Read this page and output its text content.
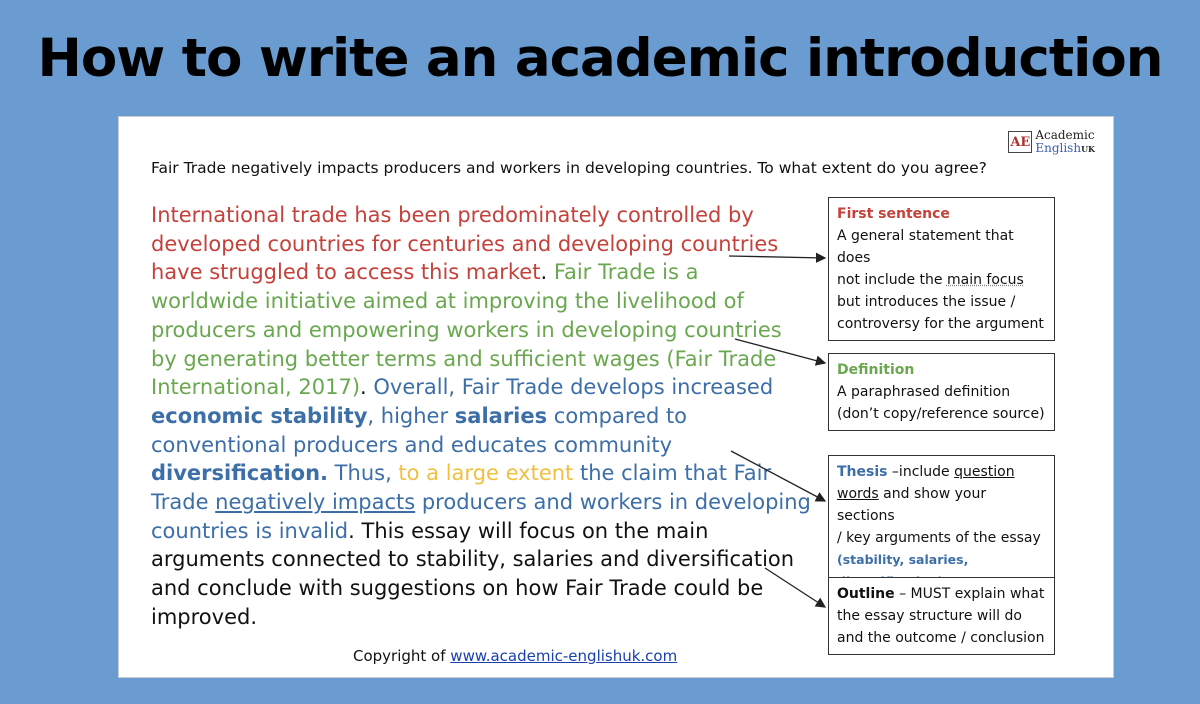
How to write an academic introduction
AE Academic
EnglishUK
Fair Trade negatively impacts producers and workers in developing countries. To what extent do you agree?
International trade has been predominately controlled by developed countries for centuries and developing countries have struggled to access this market. Fair Trade is a worldwide initiative aimed at improving the livelihood of producers and empowering workers in developing countries by generating better terms and sufficient wages (Fair Trade International, 2017). Overall, Fair Trade develops increased economic stability, higher salaries compared to conventional producers and educates community diversification. Thus, to a large extent the claim that Fair Trade negatively impacts producers and workers in developing countries is invalid. This essay will focus on the main arguments connected to stability, salaries and diversification and conclude with suggestions on how Fair Trade could be improved.
First sentence
A general statement that does
not include the main focus
but introduces the issue /
controversy for the argument
Definition
A paraphrased definition
(don’t copy/reference source)
Thesis –include question
words and show your sections
/ key arguments of the essay
(stability, salaries,
Outline – MUST explain what
the essay structure will do
and the outcome / conclusion
Copyright of www.academic-englishuk.com
